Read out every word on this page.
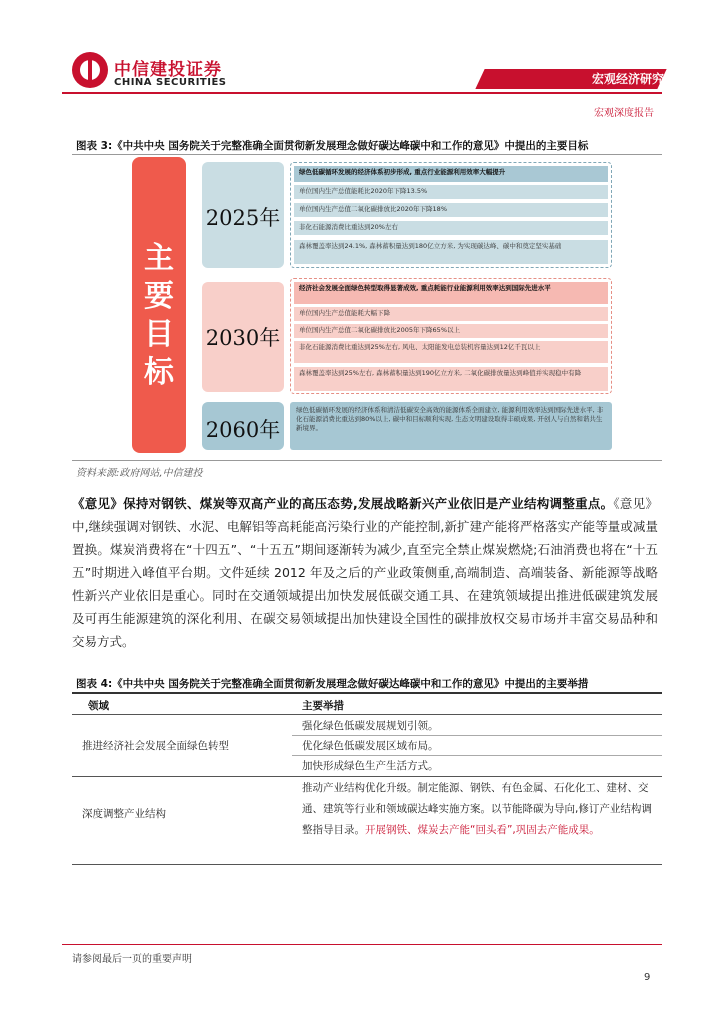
中信建投证券
CHINA SECURITIES	宏观经济研究
宏观深度报告
图表 3:《中共中央 国务院关于完整准确全面贯彻新发展理念做好碳达峰碳中和工作的意见》中提出的主要目标
主要目标
2025年
绿色低碳循环发展的经济体系初步形成, 重点行业能源利用效率大幅提升
单位国内生产总值能耗比2020年下降13.5%
单位国内生产总值二氧化碳排放比2020年下降18%
非化石能源消费比重达到20%左右
森林覆盖率达到24.1%, 森林蓄积量达到180亿立方米, 为实现碳达峰、碳中和奠定坚实基础
2030年
经济社会发展全面绿色转型取得显著成效, 重点耗能行业能源利用效率达到国际先进水平
单位国内生产总值能耗大幅下降
单位国内生产总值二氧化碳排放比2005年下降65%以上
非化石能源消费比重达到25%左右, 风电、太阳能发电总装机容量达到12亿千瓦以上
森林覆盖率达到25%左右, 森林蓄积量达到190亿立方米, 二氧化碳排放量达到峰值并实现稳中有降
2060年
绿色低碳循环发展的经济体系和清洁低碳安全高效的能源体系全面建立, 能源利用效率达到国际先进水平, 非化石能源消费比重达到80%以上, 碳中和目标顺利实现, 生态文明建设取得丰硕成果, 开创人与自然和谐共生新境界。
资料来源:政府网站,中信建投
《意见》保持对钢铁、煤炭等双高产业的高压态势,发展战略新兴产业依旧是产业结构调整重点。《意见》中,继续强调对钢铁、水泥、电解铝等高耗能高污染行业的产能控制,新扩建产能将严格落实产能等量或减量置换。煤炭消费将在“十四五”、“十五五”期间逐渐转为减少,直至完全禁止煤炭燃烧;石油消费也将在“十五五”时期进入峰值平台期。文件延续 2012 年及之后的产业政策侧重,高端制造、高端装备、新能源等战略性新兴产业依旧是重心。同时在交通领域提出加快发展低碳交通工具、在建筑领域提出推进低碳建筑发展及可再生能源建筑的深化利用、在碳交易领域提出加快建设全国性的碳排放权交易市场并丰富交易品种和交易方式。
图表 4:《中共中央 国务院关于完整准确全面贯彻新发展理念做好碳达峰碳中和工作的意见》中提出的主要举措
领域	主要举措
推进经济社会发展全面绿色转型
强化绿色低碳发展规划引领。
优化绿色低碳发展区域布局。
加快形成绿色生产生活方式。
深度调整产业结构
推动产业结构优化升级。制定能源、钢铁、有色金属、石化化工、建材、交通、建筑等行业和领域碳达峰实施方案。以节能降碳为导向,修订产业结构调整指导目录。开展钢铁、煤炭去产能“回头看”,巩固去产能成果。
请参阅最后一页的重要声明
9
